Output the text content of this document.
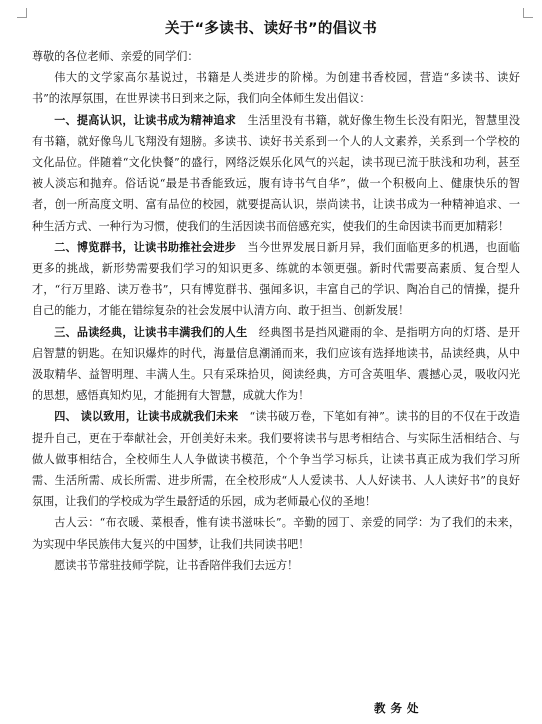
关于“多读书、读好书”的倡议书

尊敬的各位老师、亲爱的同学们：

伟大的文学家高尔基说过，书籍是人类进步的阶梯。为创建书香校园，营造“多读书、读好书”的浓厚氛围，在世界读书日到来之际，我们向全体师生发出倡议：

一、提高认识，让读书成为精神追求  生活里没有书籍，就好像生物生长没有阳光，智慧里没有书籍，就好像鸟儿飞翔没有翅膀。多读书、读好书关系到一个人的人文素养，关系到一个学校的文化品位。伴随着“文化快餐”的盛行，网络泛娱乐化风气的兴起，读书现已流于肤浅和功利，甚至被人淡忘和抛弃。俗话说“最是书香能致远，腹有诗书气自华”，做一个积极向上、健康快乐的智者，创一所高度文明、富有品位的校园，就要提高认识，崇尚读书，让读书成为一种精神追求、一种生活方式、一种行为习惯，使我们的生活因读书而倍感充实，使我们的生命因读书而更加精彩！

二、博览群书，让读书助推社会进步  当今世界发展日新月异，我们面临更多的机遇，也面临更多的挑战，新形势需要我们学习的知识更多、练就的本领更强。新时代需要高素质、复合型人才，“行万里路、读万卷书”，只有博览群书、强闻多识，丰富自己的学识、陶冶自己的情操，提升自己的能力，才能在错综复杂的社会发展中认清方向、敢于担当、创新发展！

三、品读经典，让读书丰满我们的人生  经典图书是挡风避雨的伞、是指明方向的灯塔、是开启智慧的钥匙。在知识爆炸的时代，海量信息潮涌而来，我们应该有选择地读书，品读经典，从中汲取精华、益智明理、丰满人生。只有采珠拾贝，阅读经典，方可含英咀华、震撼心灵，吸收闪光的思想，感悟真知灼见，才能拥有大智慧，成就大作为！

四、 读以致用，让读书成就我们未来  “读书破万卷，下笔如有神”。读书的目的不仅在于改造提升自己，更在于奉献社会，开创美好未来。我们要将读书与思考相结合、与实际生活相结合、与做人做事相结合，全校师生人人争做读书模范，个个争当学习标兵，让读书真正成为我们学习所需、生活所需、成长所需、进步所需，在全校形成“人人爱读书、人人好读书、人人读好书”的良好氛围，让我们的学校成为学生最舒适的乐园，成为老师最心仪的圣地！

古人云：“布衣暖、菜根香，惟有读书滋味长”。辛勤的园丁、亲爱的同学：为了我们的未来，为实现中华民族伟大复兴的中国梦，让我们共同读书吧！

愿读书节常驻技师学院，让书香陪伴我们去远方！

教务处
